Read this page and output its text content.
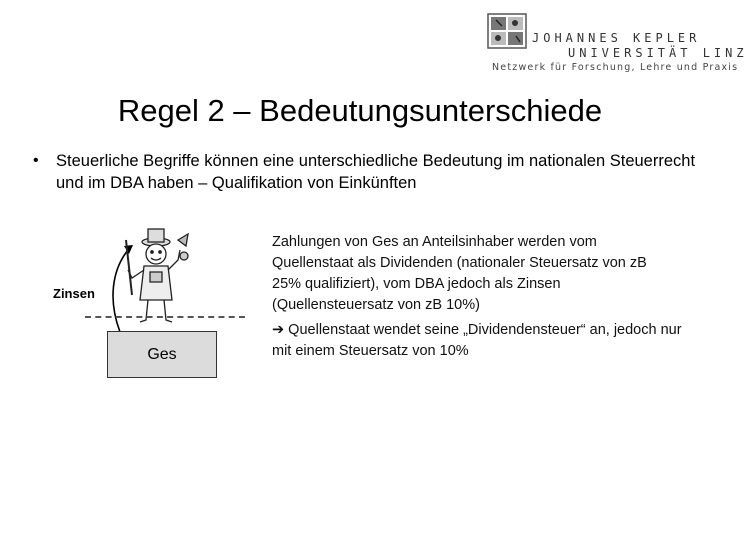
JOHANNES KEPLER
UNIVERSITÄT LINZ
Netzwerk für Forschung, Lehre und Praxis
Regel 2 – Bedeutungsunterschiede
• Steuerliche Begriffe können eine unterschiedliche Bedeutung im nationalen Steuerrecht und im DBA haben – Qualifikation von Einkünften

Zinsen
Ges

Zahlungen von Ges an Anteilsinhaber werden vom Quellenstaat als Dividenden (nationaler Steuersatz von zB 25% qualifiziert), vom DBA jedoch als Zinsen (Quellensteuersatz von zB 10%)

➔ Quellenstaat wendet seine „Dividendensteuer“ an, jedoch nur mit einem Steuersatz von 10%
